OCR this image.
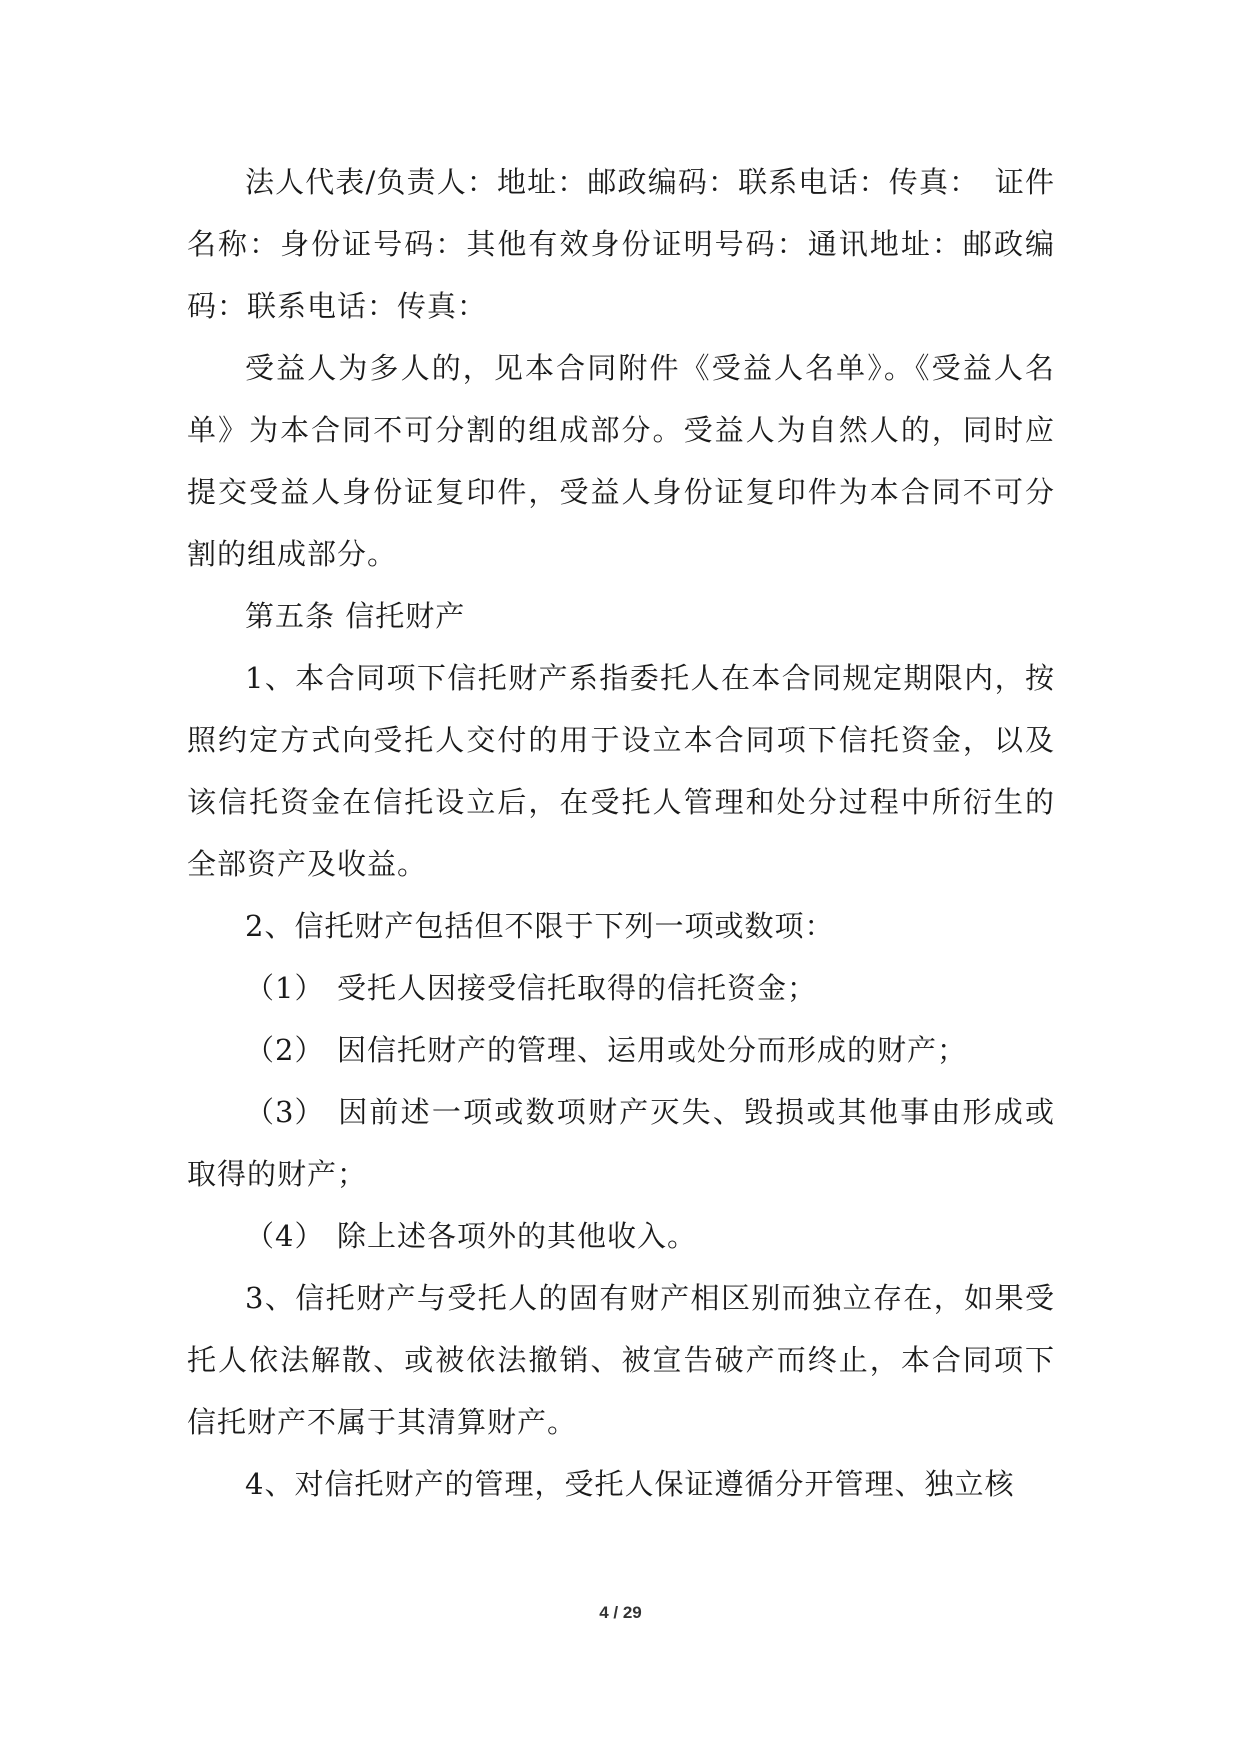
法人代表/负责人：地址：邮政编码：联系电话：传真：　证件名称：身份证号码：其他有效身份证明号码：通讯地址：邮政编码：联系电话：传真：

受益人为多人的，见本合同附件《受益人名单》。《受益人名单》为本合同不可分割的组成部分。受益人为自然人的，同时应提交受益人身份证复印件，受益人身份证复印件为本合同不可分割的组成部分。

第五条 信托财产

1、本合同项下信托财产系指委托人在本合同规定期限内，按照约定方式向受托人交付的用于设立本合同项下信托资金，以及该信托资金在信托设立后，在受托人管理和处分过程中所衍生的全部资产及收益。

2、信托财产包括但不限于下列一项或数项：

（1） 受托人因接受信托取得的信托资金；

（2） 因信托财产的管理、运用或处分而形成的财产；

（3） 因前述一项或数项财产灭失、毁损或其他事由形成或取得的财产；

（4） 除上述各项外的其他收入。

3、信托财产与受托人的固有财产相区别而独立存在，如果受托人依法解散、或被依法撤销、被宣告破产而终止，本合同项下信托财产不属于其清算财产。

4、对信托财产的管理，受托人保证遵循分开管理、独立核

4 / 29
